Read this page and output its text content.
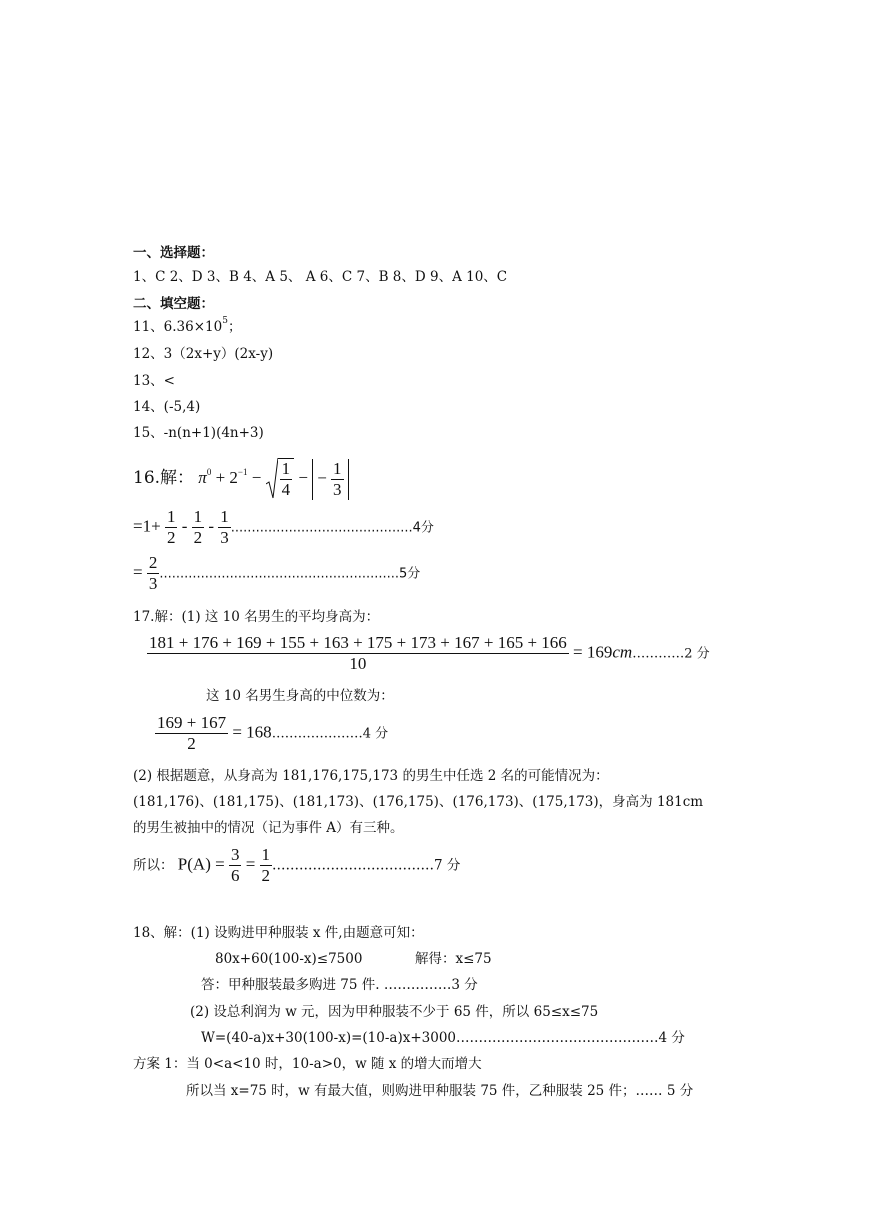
一、选择题：
1、C 2、D 3、B 4、A 5、 A 6、C 7、B 8、D 9、A 10、C
二、填空题：
11、$6.36\times 10^5$；
12、3（2x+y）(2x-y)
13、<
14、(-5,4)
15、-n(n+1)(4n+3)
16.解： $\pi^0 + 2^{-1} - \frac{1}{4}$ − − $\frac{1}{3}$
$=1+ \frac{1}{2} - \frac{1}{2} - \frac{1}{3} ............................................4$分
= $\frac{2}{3} ..........................................................5$分
17.解：(1) 这 10 名男生的平均身高为：
$\frac{181 + 176 + 169 + 155 + 163 + 175 + 173 + 167 + 165 + 166}{10}$ = 169cm…………2 分
这 10 名男生身高的中位数为：
$\frac{169 + 167}{2}$ = 168…………………4 分
(2) 根据题意，从身高为 181,176,175,173 的男生中任选 2 名的可能情况为：
(181,176)、(181,175)、(181,173)、(176,175)、(176,173)、(175,173)，身高为 181cm
的男生被抽中的情况（记为事件 A）有三种。
所以： $P(A) = \frac{3}{6} = \frac{1}{2}$ ………………………………7 分
18、解：(1) 设购进甲种服装 x 件,由题意可知：
80x+60(100-x)≤7500	解得：x≤75
答：甲种服装最多购进 75 件. ……………3 分
(2) 设总利润为 w 元，因为甲种服装不少于 65 件，所以 65≤x≤75
W=(40-a)x+30(100-x)=(10-a)x+3000………………………………………4 分
方案 1：当 0<a<10 时，10-a>0，w 随 x 的增大而增大
所以当 x=75 时，w 有最大值，则购进甲种服装 75 件，乙种服装 25 件；…… 5 分
